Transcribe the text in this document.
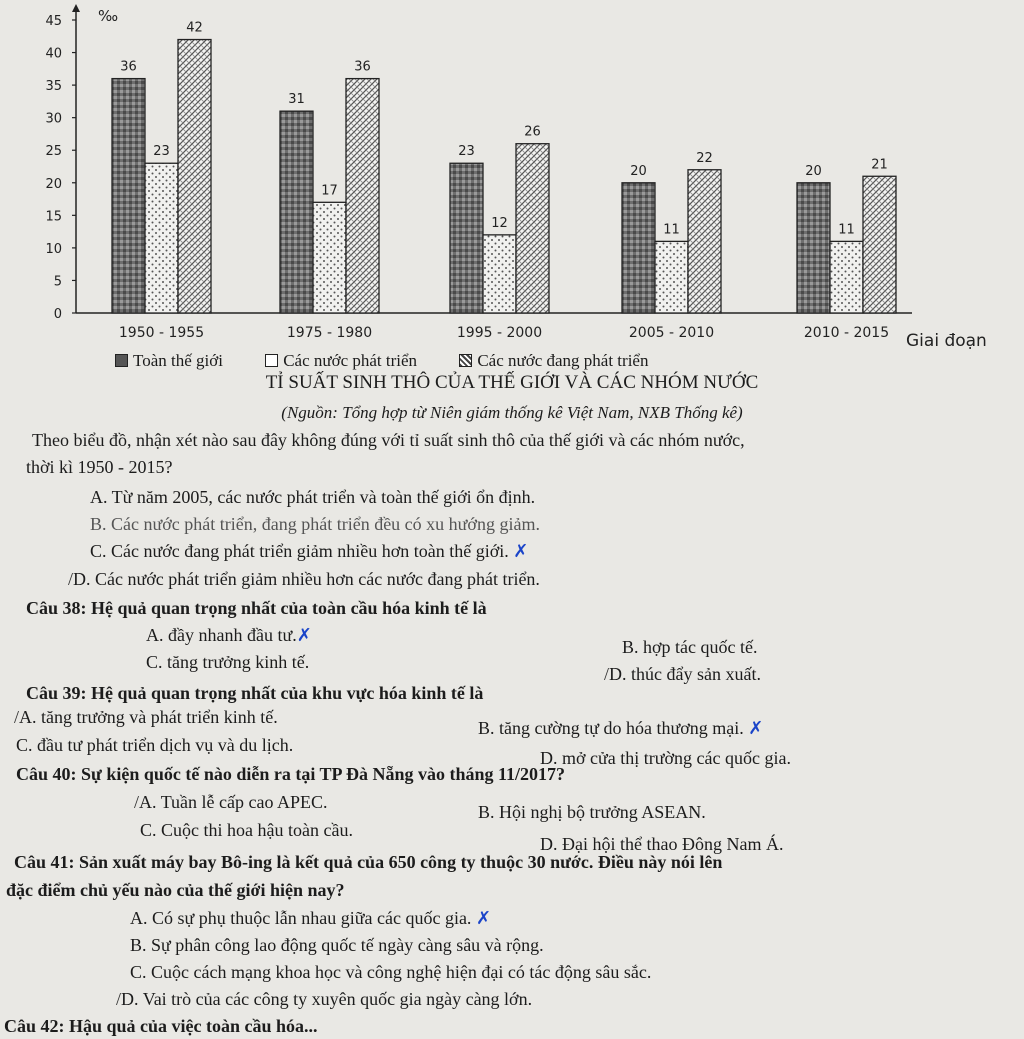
‰
Giai đoạn
0
5
10
15
20
25
30
35
40
45
36
23
42
1950 - 1955
31
17
36
1975 - 1980
23
12
26
1995 - 2000
20
11
22
2005 - 2010
20
11
21
2010 - 2015
Toàn thế giới	Các nước phát triển	Các nước đang phát triển
TỈ SUẤT SINH THÔ CỦA THẾ GIỚI VÀ CÁC NHÓM NƯỚC
(Nguồn: Tổng hợp từ Niên giám thống kê Việt Nam, NXB Thống kê)
Theo biểu đồ, nhận xét nào sau đây không đúng với tỉ suất sinh thô của thế giới và các nhóm nước,
thời kì 1950 - 2015?
A. Từ năm 2005, các nước phát triển và toàn thế giới ổn định.
B. Các nước phát triển, đang phát triển đều có xu hướng giảm.
C. Các nước đang phát triển giảm nhiều hơn toàn thế giới. ✗
/D. Các nước phát triển giảm nhiều hơn các nước đang phát triển.
Câu 38: Hệ quả quan trọng nhất của toàn cầu hóa kinh tế là
A. đầy nhanh đầu tư.✗
B. hợp tác quốc tế.
C. tăng trưởng kinh tế.
/D. thúc đẩy sản xuất.
Câu 39: Hệ quả quan trọng nhất của khu vực hóa kinh tế là
/A. tăng trưởng và phát triển kinh tế.
B. tăng cường tự do hóa thương mại. ✗
C. đầu tư phát triển dịch vụ và du lịch.
D. mở cửa thị trường các quốc gia.
Câu 40: Sự kiện quốc tế nào diễn ra tại TP Đà Nẵng vào tháng 11/2017?
/A. Tuần lễ cấp cao APEC.	B. Hội nghị bộ trưởng ASEAN.
C. Cuộc thi hoa hậu toàn cầu.
D. Đại hội thể thao Đông Nam Á.
Câu 41: Sản xuất máy bay Bô-ing là kết quả của 650 công ty thuộc 30 nước. Điều này nói lên
đặc điểm chủ yếu nào của thế giới hiện nay?
A. Có sự phụ thuộc lẫn nhau giữa các quốc gia. ✗
B. Sự phân công lao động quốc tế ngày càng sâu và rộng.
C. Cuộc cách mạng khoa học và công nghệ hiện đại có tác động sâu sắc.
/D. Vai trò của các công ty xuyên quốc gia ngày càng lớn.
Câu 42: Hậu quả của việc toàn cầu hóa...
